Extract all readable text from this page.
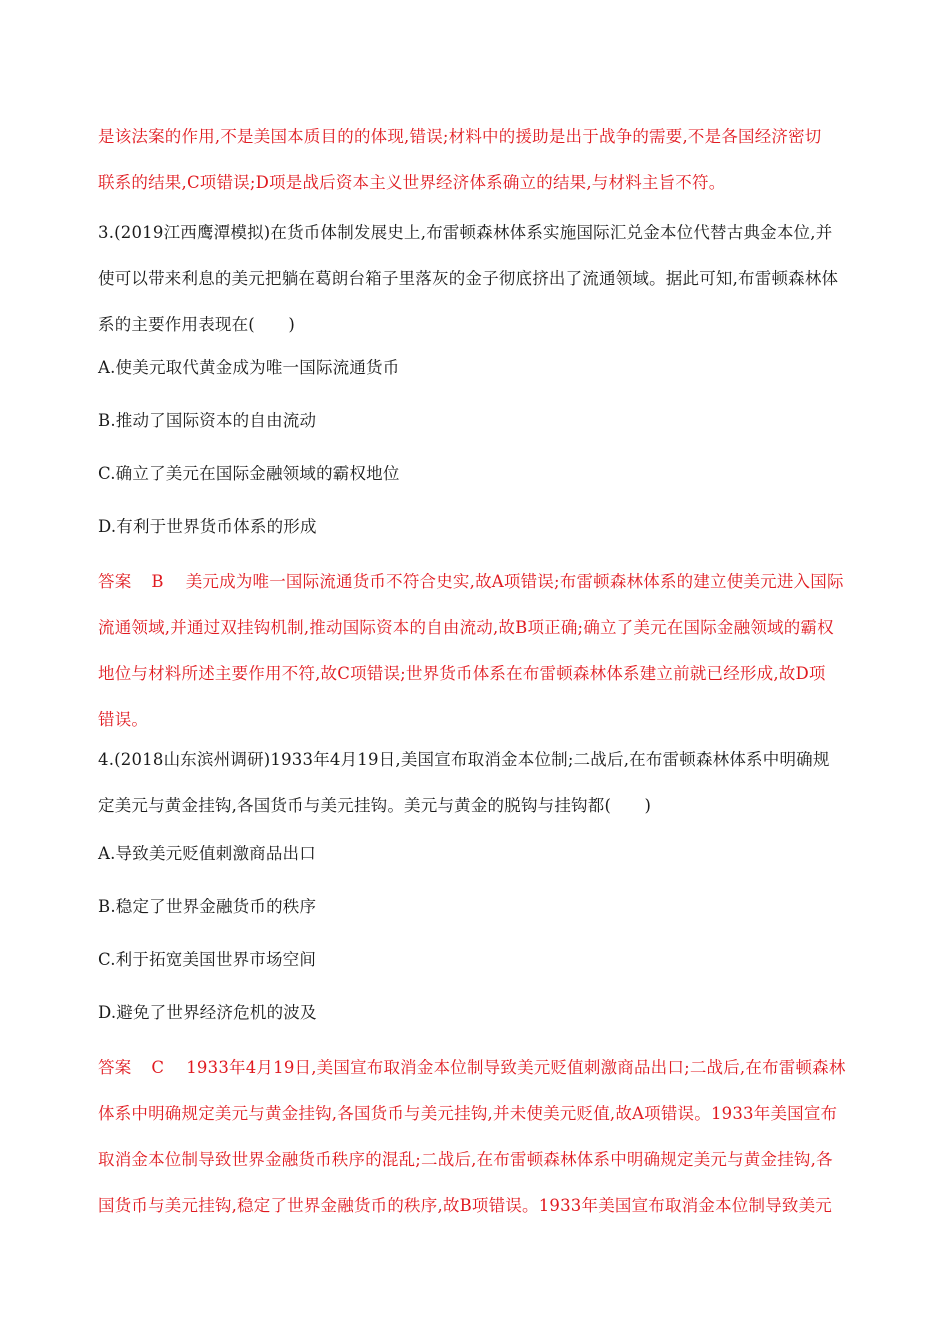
是该法案的作用,不是美国本质目的的体现,错误;材料中的援助是出于战争的需要,不是各国经济密切
联系的结果,C项错误;D项是战后资本主义世界经济体系确立的结果,与材料主旨不符。
3.(2019江西鹰潭模拟)在货币体制发展史上,布雷顿森林体系实施国际汇兑金本位代替古典金本位,并
使可以带来利息的美元把躺在葛朗台箱子里落灰的金子彻底挤出了流通领域。据此可知,布雷顿森林体
系的主要作用表现在(　　)
A.使美元取代黄金成为唯一国际流通货币
B.推动了国际资本的自由流动
C.确立了美元在国际金融领域的霸权地位
D.有利于世界货币体系的形成
答案 B 美元成为唯一国际流通货币不符合史实,故A项错误;布雷顿森林体系的建立使美元进入国际
流通领域,并通过双挂钩机制,推动国际资本的自由流动,故B项正确;确立了美元在国际金融领域的霸权
地位与材料所述主要作用不符,故C项错误;世界货币体系在布雷顿森林体系建立前就已经形成,故D项
错误。
4.(2018山东滨州调研)1933年4月19日,美国宣布取消金本位制;二战后,在布雷顿森林体系中明确规
定美元与黄金挂钩,各国货币与美元挂钩。美元与黄金的脱钩与挂钩都(　　)
A.导致美元贬值刺激商品出口
B.稳定了世界金融货币的秩序
C.利于拓宽美国世界市场空间
D.避免了世界经济危机的波及
答案 C 1933年4月19日,美国宣布取消金本位制导致美元贬值刺激商品出口;二战后,在布雷顿森林
体系中明确规定美元与黄金挂钩,各国货币与美元挂钩,并未使美元贬值,故A项错误。1933年美国宣布
取消金本位制导致世界金融货币秩序的混乱;二战后,在布雷顿森林体系中明确规定美元与黄金挂钩,各
国货币与美元挂钩,稳定了世界金融货币的秩序,故B项错误。1933年美国宣布取消金本位制导致美元
